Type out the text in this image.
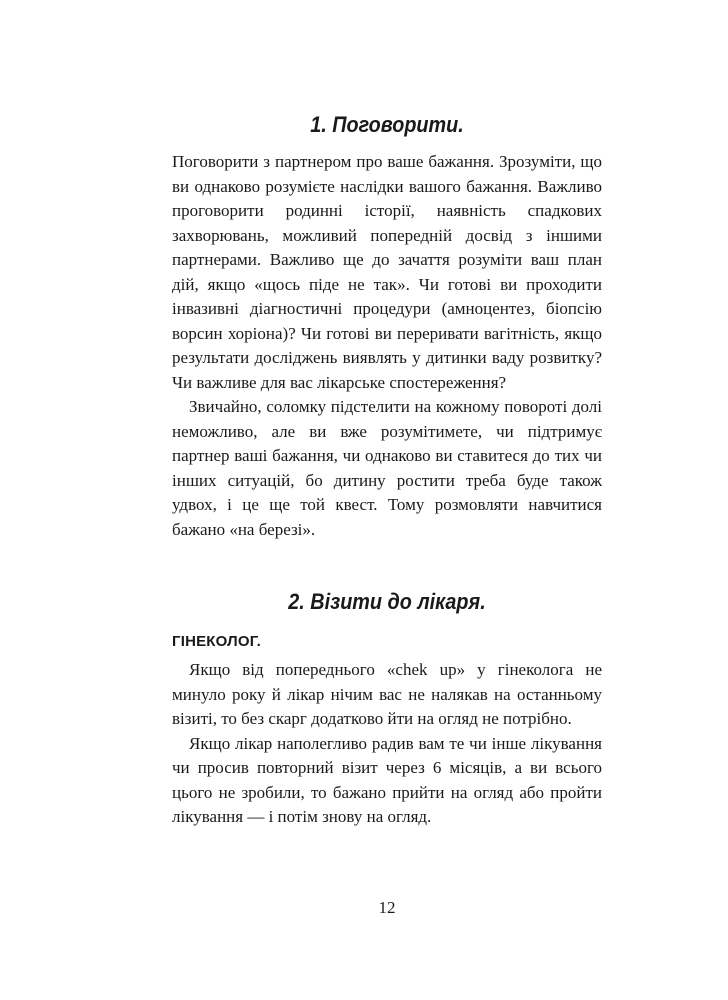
1. Поговорити.

Поговорити з партнером про ваше бажання. Зрозуміти, що ви однаково розумієте наслідки вашого бажання. Важливо проговорити родинні історії, наявність спадкових захворювань, можливий попередній досвід з іншими партнерами. Важливо ще до зачаття розуміти ваш план дій, якщо «щось піде не так». Чи готові ви проходити інвазивні діагностичні процедури (амноцентез, біопсію ворсин хоріона)? Чи готові ви переривати вагітність, якщо результати досліджень виявлять у дитинки ваду розвитку? Чи важливе для вас лікарське спостереження?

Звичайно, соломку підстелити на кожному повороті долі неможливо, але ви вже розумітимете, чи підтримує партнер ваші бажання, чи однаково ви ставитеся до тих чи інших ситуацій, бо дитину ростити треба буде також удвох, і це ще той квест. Тому розмовляти навчитися бажано «на березі».

2. Візити до лікаря.
ГІНЕКОЛОГ.

Якщо від попереднього «chek up» у гінеколога не минуло року й лікар нічим вас не налякав на останньому візиті, то без скарг додатково йти на огляд не потрібно.

Якщо лікар наполегливо радив вам те чи інше лікування чи просив повторний візит через 6 місяців, а ви всього цього не зробили, то бажано прийти на огляд або пройти лікування — і потім знову на огляд.

12
